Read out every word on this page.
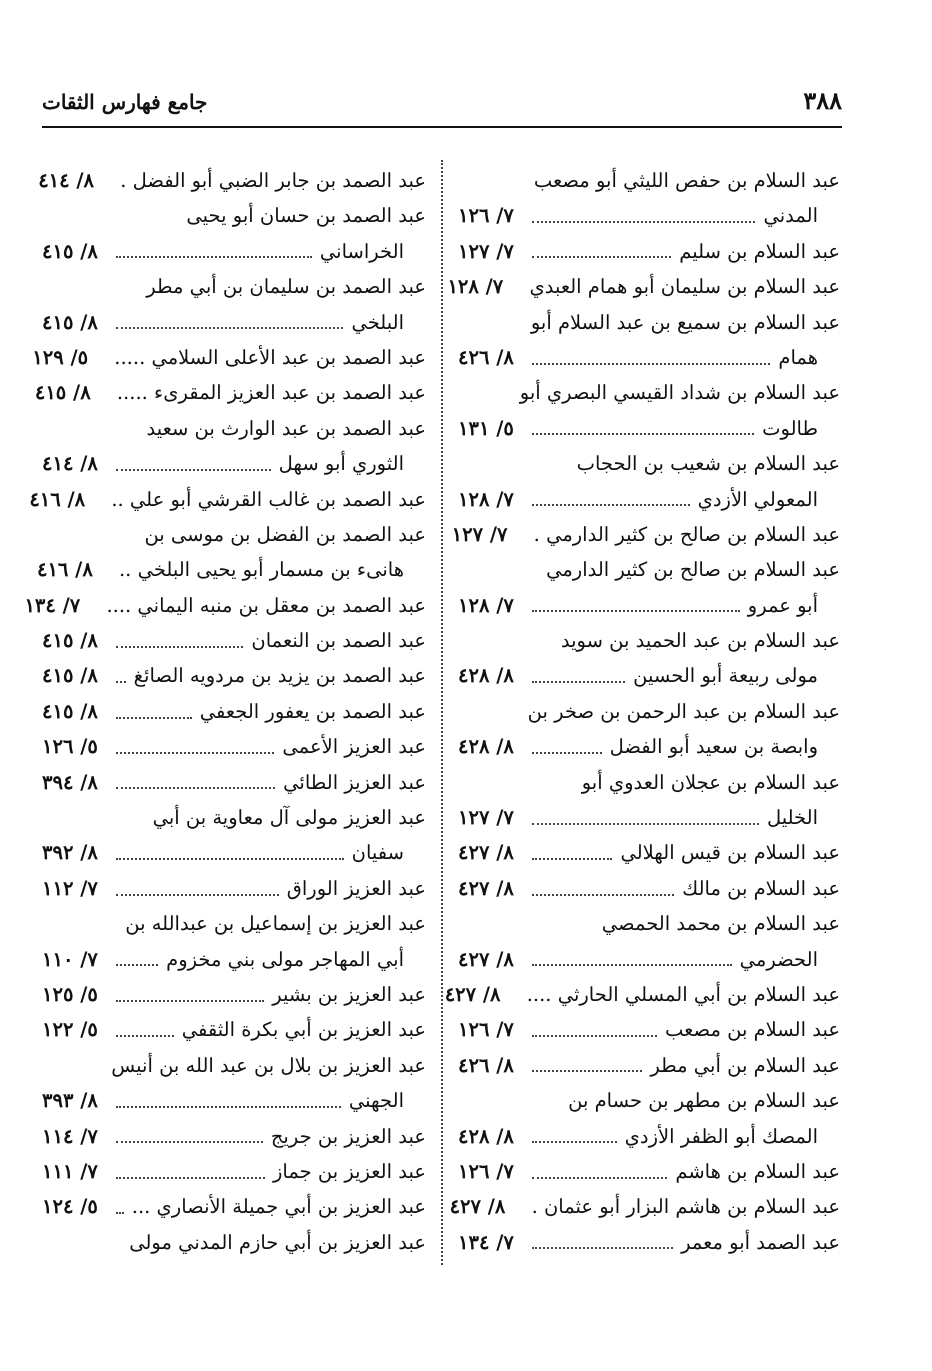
٣٨٨
جامع فهارس الثقات
عبد السلام بن حفص الليثي أبو مصعب
المدني
٧/ ١٢٦
عبد السلام بن سليم
٧/ ١٢٧
عبد السلام بن سليمان أبو همام العبدي
٧/ ١٢٨
عبد السلام بن سميع بن عبد السلام أبو
همام
٨/ ٤٢٦
عبد السلام بن شداد القيسي البصري أبو
طالوت
٥/ ١٣١
عبد السلام بن شعيب بن الحجاب
المعولي الأزدي
٧/ ١٢٨
عبد السلام بن صالح بن كثير الدارمي .
٧/ ١٢٧
عبد السلام بن صالح بن كثير الدارمي
أبو عمرو
٧/ ١٢٨
عبد السلام بن عبد الحميد بن سويد
مولى ربيعة أبو الحسين
٨/ ٤٢٨
عبد السلام بن عبد الرحمن بن صخر بن
وابصة بن سعيد أبو الفضل
٨/ ٤٢٨
عبد السلام بن عجلان العدوي أبو
الخليل
٧/ ١٢٧
عبد السلام بن قيس الهلالي
٨/ ٤٢٧
عبد السلام بن مالك
٨/ ٤٢٧
عبد السلام بن محمد الحمصي
الحضرمي
٨/ ٤٢٧
عبد السلام بن أبي المسلي الحارثي ....
٨/ ٤٢٧
عبد السلام بن مصعب
٧/ ١٢٦
عبد السلام بن أبي مطر
٨/ ٤٢٦
عبد السلام بن مطهر بن حسام بن
المصك أبو الظفر الأزدي
٨/ ٤٢٨
عبد السلام بن هاشم
٧/ ١٢٦
عبد السلام بن هاشم البزار أبو عثمان .
٨/ ٤٢٧
عبد الصمد أبو معمر
٧/ ١٣٤
عبد الصمد بن جابر الضبي أبو الفضل .
٨/ ٤١٤
عبد الصمد بن حسان أبو يحيى
الخراساني
٨/ ٤١٥
عبد الصمد بن سليمان بن أبي مطر
البلخي
٨/ ٤١٥
عبد الصمد بن عبد الأعلى السلامي .....
٥/ ١٢٩
عبد الصمد بن عبد العزيز المقرىء .....
٨/ ٤١٥
عبد الصمد بن عبد الوارث بن سعيد
الثوري أبو سهل
٨/ ٤١٤
عبد الصمد بن غالب القرشي أبو علي ..
٨/ ٤١٦
عبد الصمد بن الفضل بن موسى بن
هانىء بن مسمار أبو يحيى البلخي ..
٨/ ٤١٦
عبد الصمد بن معقل بن منبه اليماني ....
٧/ ١٣٤
عبد الصمد بن النعمان
٨/ ٤١٥
عبد الصمد بن يزيد بن مردويه الصائغ
٨/ ٤١٥
عبد الصمد بن يعفور الجعفي
٨/ ٤١٥
عبد العزيز الأعمى
٥/ ١٢٦
عبد العزيز الطائي
٨/ ٣٩٤
عبد العزيز مولى آل معاوية بن أبي
سفيان
٨/ ٣٩٢
عبد العزيز الوراق
٧/ ١١٢
عبد العزيز بن إسماعيل بن عبدالله بن
أبي المهاجر مولى بني مخزوم
٧/ ١١٠
عبد العزيز بن بشير
٥/ ١٢٥
عبد العزيز بن أبي بكرة الثقفي
٥/ ١٢٢
عبد العزيز بن بلال بن عبد الله بن أنيس
الجهني
٨/ ٣٩٣
عبد العزيز بن جريج
٧/ ١١٤
عبد العزيز بن جماز
٧/ ١١١
عبد العزيز بن أبي جميلة الأنصاري ...
٥/ ١٢٤
عبد العزيز بن أبي حازم المدني مولى
